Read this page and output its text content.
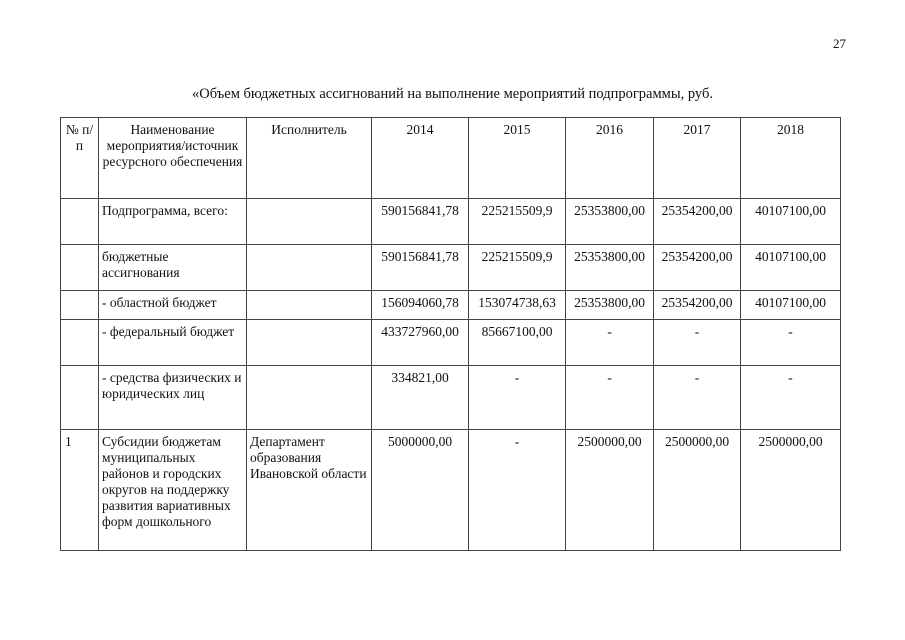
27
«Объем бюджетных ассигнований на выполнение мероприятий подпрограммы, руб.
№ п/п	Наименование мероприятия/источник ресурсного обеспечения	Исполнитель	2014	2015	2016	2017	2018
	Подпрограмма, всего:		590156841,78	225215509,9	25353800,00	25354200,00	40107100,00
	бюджетные ассигнования		590156841,78	225215509,9	25353800,00	25354200,00	40107100,00
	- областной бюджет		156094060,78	153074738,63	25353800,00	25354200,00	40107100,00
	- федеральный бюджет		433727960,00	85667100,00	-	-	-
	- средства физических и юридических лиц		334821,00	-	-	-	-
1	Субсидии бюджетам муниципальных районов и городских округов на поддержку развития вариативных форм дошкольного	Департамент образования Ивановской области	5000000,00	-	2500000,00	2500000,00	2500000,00
